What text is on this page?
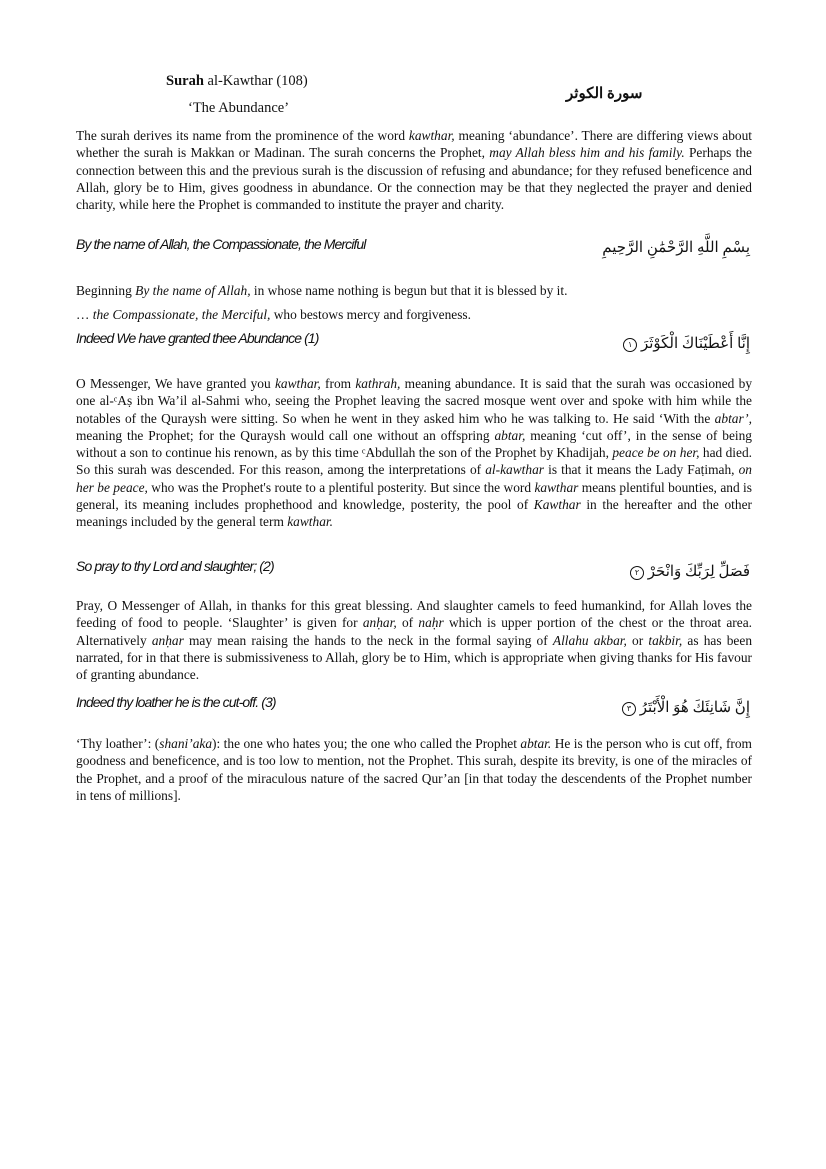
Surah al-Kawthar (108)
‘The Abundance’
سورة الكوثر

The surah derives its name from the prominence of the word kawthar, meaning ‘abundance’. There are differing views about whether the surah is Makkan or Madinan. The surah concerns the Prophet, may Allah bless him and his family. Perhaps the connection between this and the previous surah is the discussion of refusing and abundance; for they refused beneficence and Allah, glory be to Him, gives goodness in abundance. Or the connection may be that they neglected the prayer and denied charity, while here the Prophet is commanded to institute the prayer and charity.

By the name of Allah, the Compassionate, the Merciful	بِسْمِ اللَّهِ الرَّحْمَٰنِ الرَّحِيمِ

Beginning By the name of Allah, in whose name nothing is begun but that it is blessed by it.

… the Compassionate, the Merciful, who bestows mercy and forgiveness.

Indeed We have granted thee Abundance (1)	إِنَّا أَعْطَيْنَاكَ الْكَوْثَرَ ١

O Messenger, We have granted you kawthar, from kathrah, meaning abundance. It is said that the surah was occasioned by one al-ᶜAṣ ibn Wa’il al-Sahmi who, seeing the Prophet leaving the sacred mosque went over and spoke with him while the notables of the Quraysh were sitting. So when he went in they asked him who he was talking to. He said ‘With the abtar’, meaning the Prophet; for the Quraysh would call one without an offspring abtar, meaning ‘cut off’, in the sense of being without a son to continue his renown, as by this time ᶜAbdullah the son of the Prophet by Khadijah, peace be on her, had died. So this surah was descended. For this reason, among the interpretations of al-kawthar is that it means the Lady Faṭimah, on her be peace, who was the Prophet's route to a plentiful posterity. But since the word kawthar means plentiful bounties, and is general, its meaning includes prophethood and knowledge, posterity, the pool of Kawthar in the hereafter and the other meanings included by the general term kawthar.

So pray to thy Lord and slaughter; (2)	فَصَلِّ لِرَبِّكَ وَانْحَرْ ٢

Pray, O Messenger of Allah, in thanks for this great blessing. And slaughter camels to feed humankind, for Allah loves the feeding of food to people. ‘Slaughter’ is given for anḥar, of naḥr which is upper portion of the chest or the throat area. Alternatively anḥar may mean raising the hands to the neck in the formal saying of Allahu akbar, or takbir, as has been narrated, for in that there is submissiveness to Allah, glory be to Him, which is appropriate when giving thanks for His favour of granting abundance.

Indeed thy loather he is the cut-off. (3)	إِنَّ شَانِئَكَ هُوَ الْأَبْتَرُ ٣

‘Thy loather’: (shani’aka): the one who hates you; the one who called the Prophet abtar. He is the person who is cut off, from goodness and beneficence, and is too low to mention, not the Prophet. This surah, despite its brevity, is one of the miracles of the Prophet, and a proof of the miraculous nature of the sacred Qur’an [in that today the descendents of the Prophet number in tens of millions].
